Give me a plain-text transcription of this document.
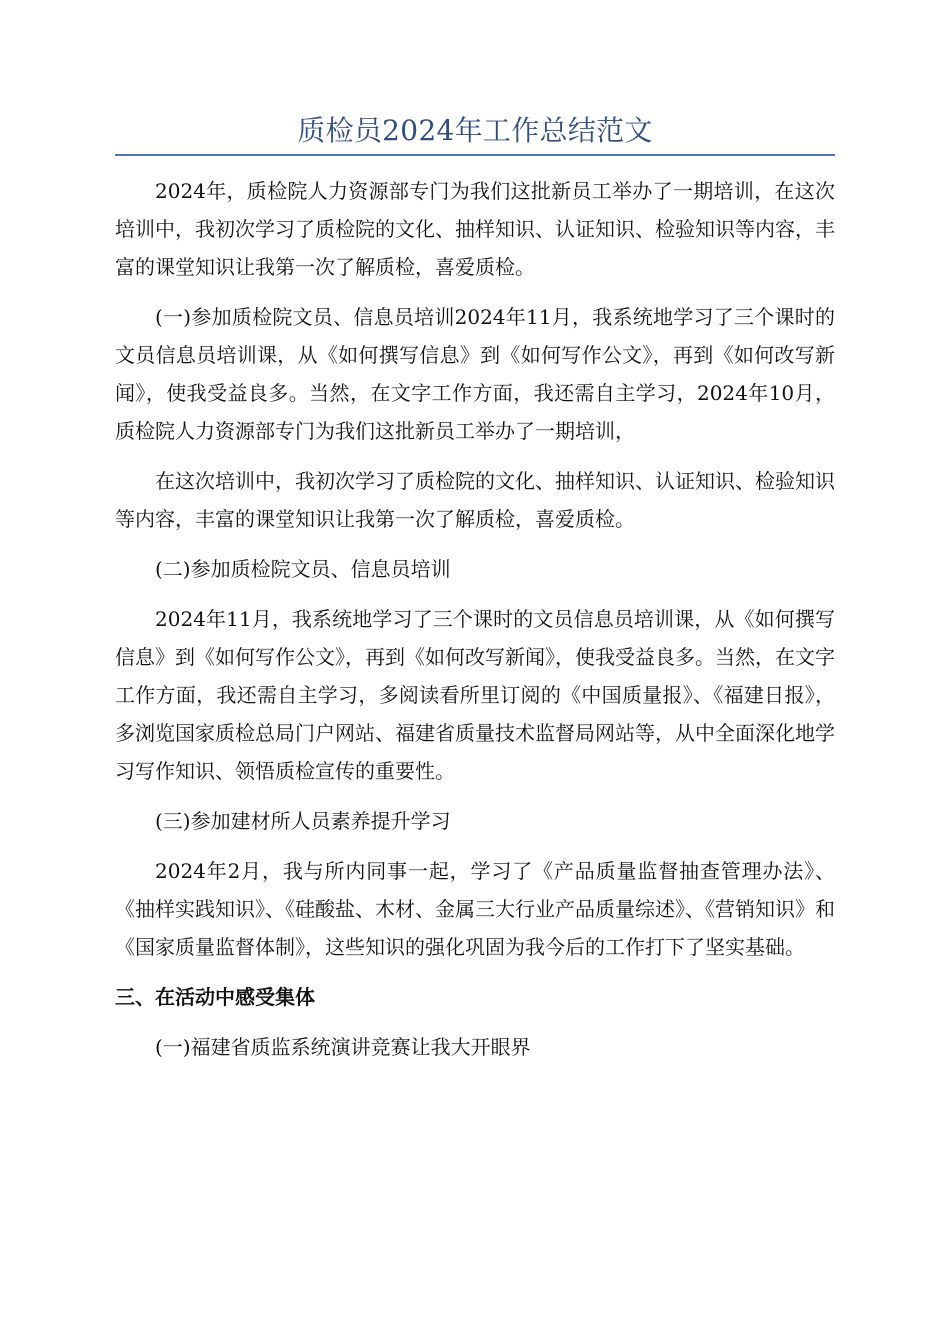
质检员2024年工作总结范文

2024年，质检院人力资源部专门为我们这批新员工举办了一期培训，在这次培训中，我初次学习了质检院的文化、抽样知识、认证知识、检验知识等内容，丰富的课堂知识让我第一次了解质检，喜爱质检。

(一)参加质检院文员、信息员培训2024年11月，我系统地学习了三个课时的文员信息员培训课，从《如何撰写信息》到《如何写作公文》，再到《如何改写新闻》，使我受益良多。当然，在文字工作方面，我还需自主学习，2024年10月，质检院人力资源部专门为我们这批新员工举办了一期培训，

在这次培训中，我初次学习了质检院的文化、抽样知识、认证知识、检验知识等内容，丰富的课堂知识让我第一次了解质检，喜爱质检。

(二)参加质检院文员、信息员培训

2024年11月，我系统地学习了三个课时的文员信息员培训课，从《如何撰写信息》到《如何写作公文》，再到《如何改写新闻》，使我受益良多。当然，在文字工作方面，我还需自主学习，多阅读看所里订阅的《中国质量报》、《福建日报》，多浏览国家质检总局门户网站、福建省质量技术监督局网站等，从中全面深化地学习写作知识、领悟质检宣传的重要性。

(三)参加建材所人员素养提升学习

2024年2月，我与所内同事一起，学习了《产品质量监督抽查管理办法》、《抽样实践知识》、《硅酸盐、木材、金属三大行业产品质量综述》、《营销知识》和《国家质量监督体制》，这些知识的强化巩固为我今后的工作打下了坚实基础。

三、在活动中感受集体

(一)福建省质监系统演讲竞赛让我大开眼界
